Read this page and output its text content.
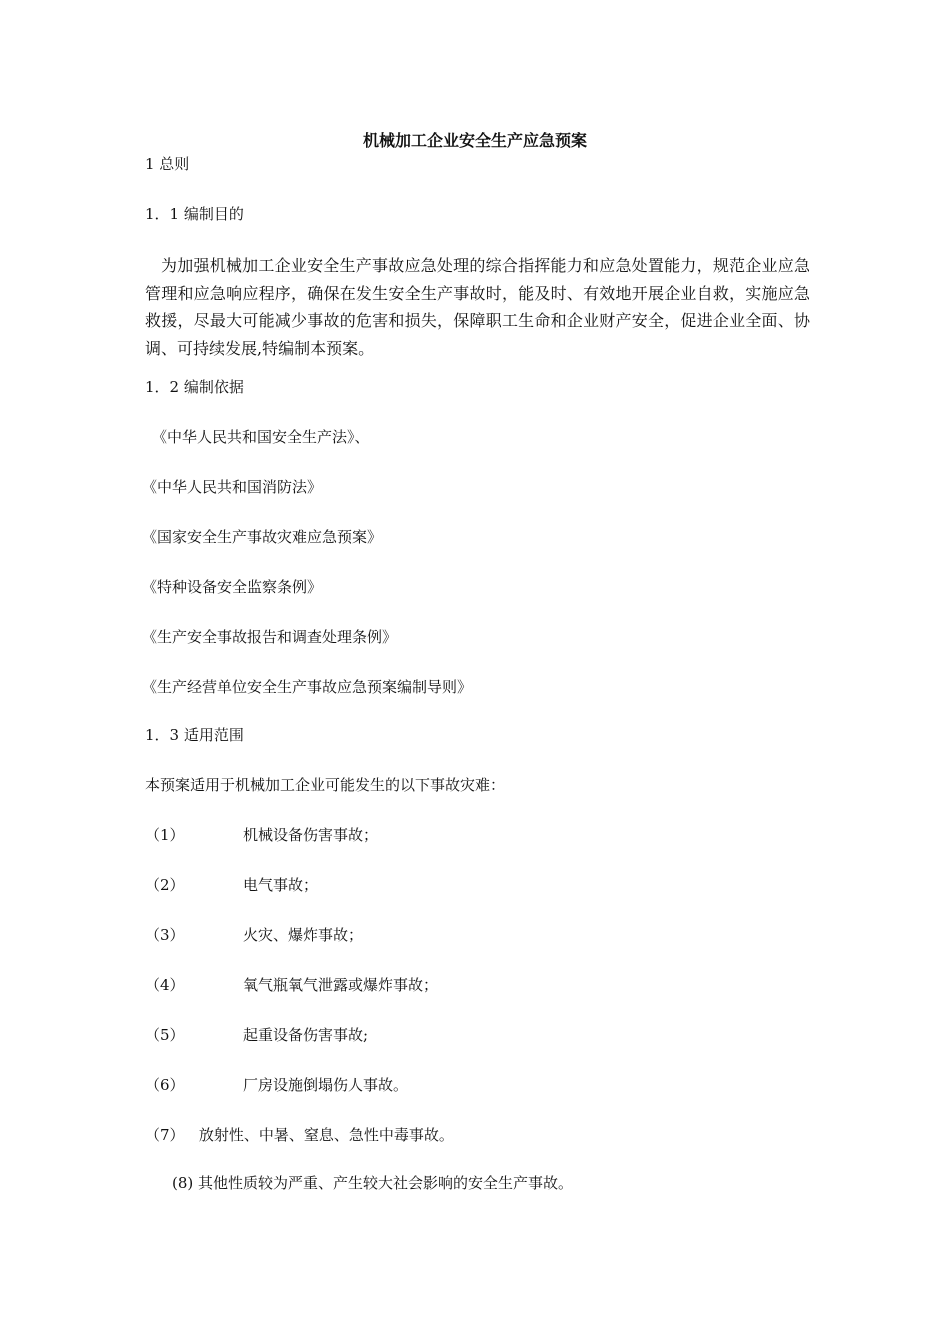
机械加工企业安全生产应急预案
1 总则
1．1 编制目的
为加强机械加工企业安全生产事故应急处理的综合指挥能力和应急处置能力，规范企业应急管理和应急响应程序，确保在发生安全生产事故时，能及时、有效地开展企业自救，实施应急救援，尽最大可能减少事故的危害和损失，保障职工生命和企业财产安全，促进企业全面、协调、可持续发展,特编制本预案。
1．2 编制依据
《中华人民共和国安全生产法》、
《中华人民共和国消防法》
《国家安全生产事故灾难应急预案》
《特种设备安全监察条例》
《生产安全事故报告和调查处理条例》
《生产经营单位安全生产事故应急预案编制导则》
1．3 适用范围
本预案适用于机械加工企业可能发生的以下事故灾难：
（1）	机械设备伤害事故；
（2）	电气事故；
（3）	火灾、爆炸事故；
（4）	氧气瓶氧气泄露或爆炸事故；
（5）	起重设备伤害事故;
（6）	厂房设施倒塌伤人事故。
（7）   放射性、中暑、窒息、急性中毒事故。
(8) 其他性质较为严重、产生较大社会影响的安全生产事故。
